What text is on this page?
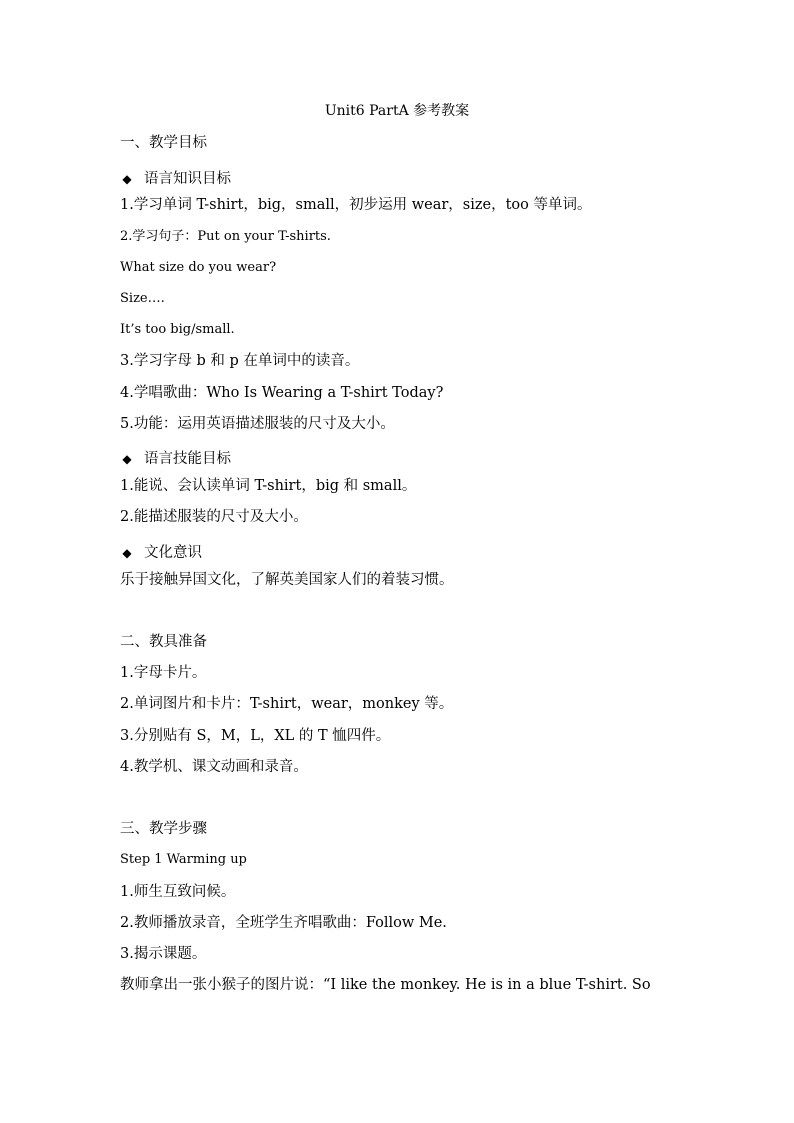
Unit6 PartA 参考教案
一、教学目标
◆ 语言知识目标
1.学习单词 T-shirt，big，small，初步运用 wear，size，too 等单词。
2.学习句子：Put on your T-shirts.
What size do you wear?
Size….
It’s too big/small.
3.学习字母 b 和 p 在单词中的读音。
4.学唱歌曲：Who Is Wearing a T-shirt Today?
5.功能：运用英语描述服装的尺寸及大小。
◆ 语言技能目标
1.能说、会认读单词 T-shirt，big 和 small。
2.能描述服装的尺寸及大小。
◆ 文化意识
乐于接触异国文化，了解英美国家人们的着装习惯。
二、教具准备
1.字母卡片。
2.单词图片和卡片：T-shirt，wear，monkey 等。
3.分别贴有 S，M，L，XL 的 T 恤四件。
4.教学机、课文动画和录音。
三、教学步骤
Step 1 Warming up
1.师生互致问候。
2.教师播放录音，全班学生齐唱歌曲：Follow Me.
3.揭示课题。
教师拿出一张小猴子的图片说：“I like the monkey. He is in a blue T-shirt. So
